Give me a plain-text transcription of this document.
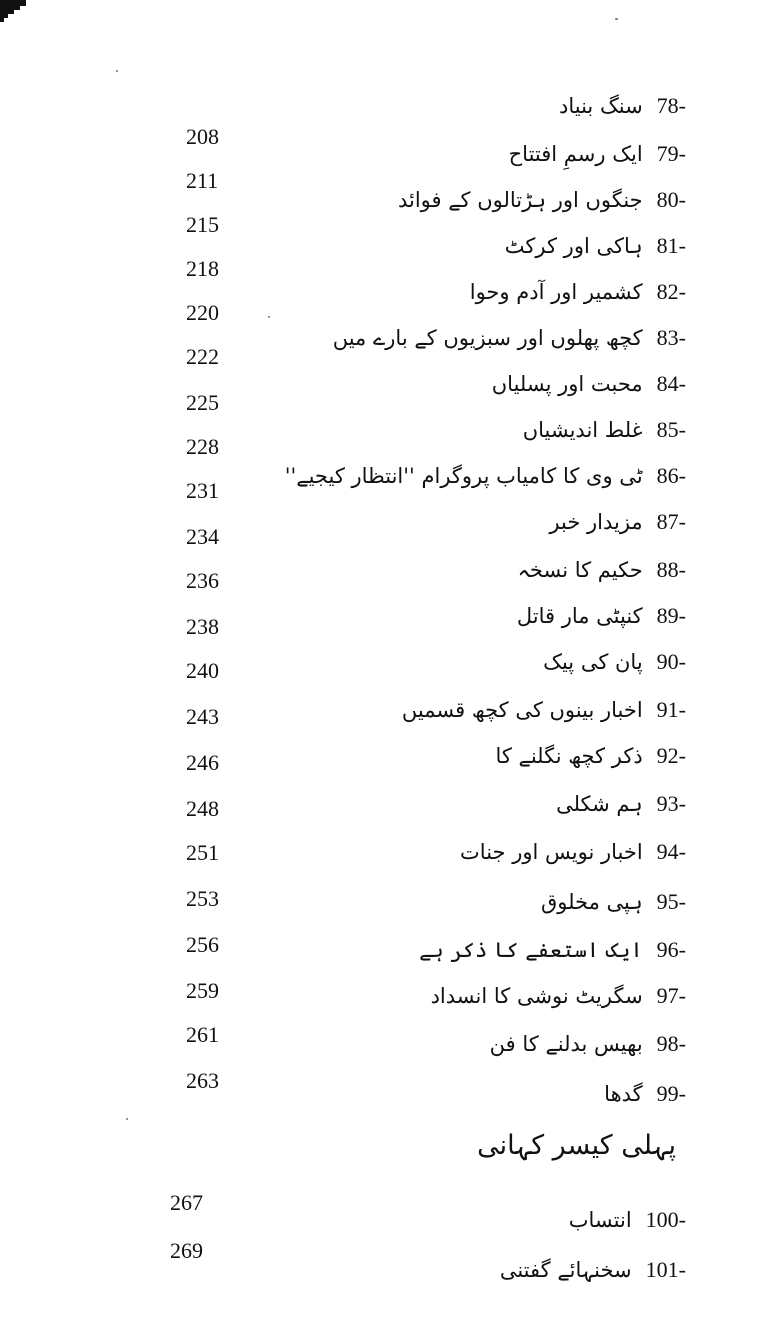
208
211
215
218
220
222
225
228
231
234
236
238
240
243
246
248
251
253
256
259
261
263
267
269
سنگ بنیاد 78-
ایک رسمِ افتتاح 79-
جنگوں اور ہڑتالوں کے فوائد 80-
ہاکی اور کرکٹ 81-
کشمیر اور آدم وحوا 82-
کچھ پھلوں اور سبزیوں کے بارے میں 83-
محبت اور پسلیاں 84-
غلط اندیشیاں 85-
ٹی وی کا کامیاب پروگرام ''انتظار کیجیے'' 86-
مزیدار خبر 87-
حکیم کا نسخہ 88-
کنپٹی مار قاتل 89-
پان کی پیک 90-
اخبار بینوں کی کچھ قسمیں 91-
ذکر کچھ نگلنے کا 92-
ہم شکلی 93-
اخبار نویس اور جنات 94-
ہپی مخلوق 95-
ایک استعفے کا ذکر ہے 96-
سگریٹ نوشی کا انسداد 97-
بھیس بدلنے کا فن 98-
گدھا 99-
پہلی کیسر کہانی
انتساب 100-
سخنہائے گفتنی 101-
